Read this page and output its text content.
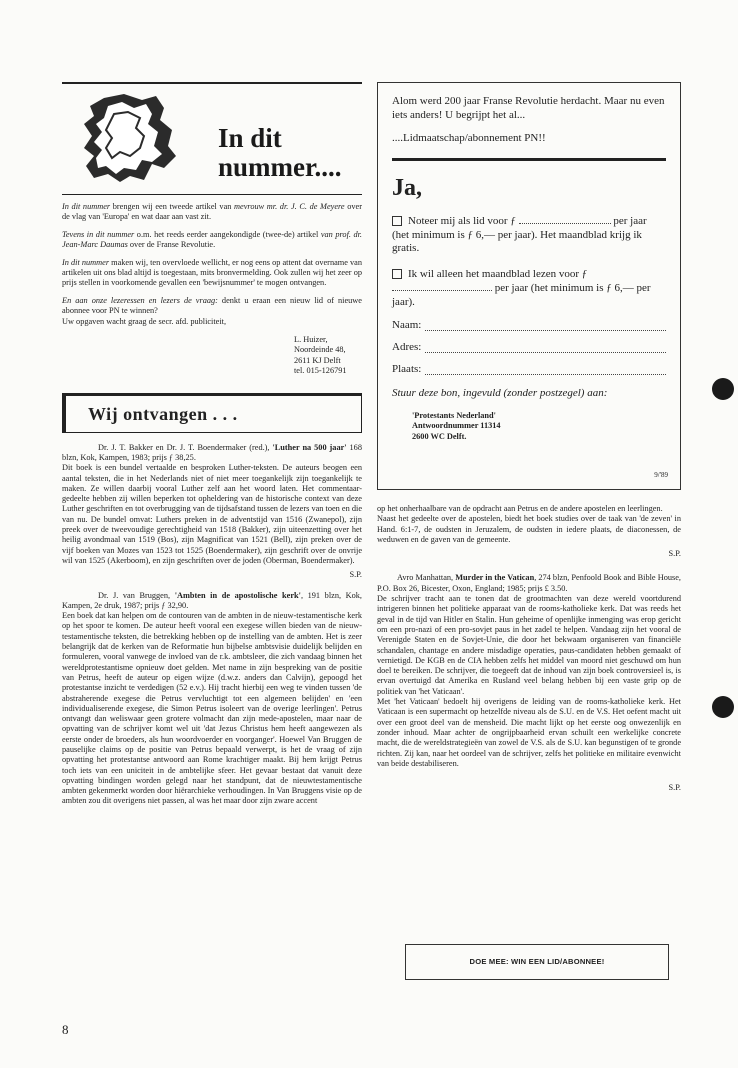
In dit
nummer....

In dit nummer brengen wij een tweede artikel van mevrouw mr. dr. J. C. de Meyere over de vlag van 'Europa' en wat daar aan vast zit.

Tevens in dit nummer o.m. het reeds eerder aangekondigde (twee-de) artikel van prof. dr. Jean-Marc Daumas over de Franse Revolutie.

In dit nummer maken wij, ten overvloede wellicht, er nog eens op attent dat overname van artikelen uit ons blad altijd is toegestaan, mits bronvermelding. Ook zullen wij het zeer op prijs stellen in voorkomende gevallen een 'bewijsnummer' te mogen ontvangen.

En aan onze lezeressen en lezers de vraag: denkt u eraan een nieuw lid of nieuwe abonnee voor PN te winnen?
Uw opgaven wacht graag de secr. afd. publiciteit,

L. Huizer,
Noordeinde 48,
2611 KJ Delft
tel. 015-126791
Wij ontvangen . . .
Dr. J. T. Bakker en Dr. J. T. Boendermaker (red.), 'Luther na 500 jaar' 168 blzn, Kok, Kampen, 1983; prijs ƒ 38,25.
Dit boek is een bundel vertaalde en besproken Luther-teksten. De auteurs beogen een aantal teksten, die in het Nederlands niet of niet meer toegankelijk zijn toegankelijk te maken. Ze willen daarbij vooral Luther zelf aan het woord laten. Het commentaar-gedeelte hebben zij willen beperken tot opheldering van de historische context van deze Luther geschriften en tot overbrugging van de tijdsafstand tussen de lezers van toen en die van nu. De bundel omvat: Luthers preken in de adventstijd van 1516 (Zwanepol), zijn preek over de tweevoudige gerechtigheid van 1518 (Bakker), zijn uiteenzetting over het heilig avondmaal van 1519 (Bos), zijn Magnificat van 1521 (Bell), zijn preken over de vijf boeken van Mozes van 1523 tot 1525 (Boendermaker), zijn geschrift over de onvrije wil van 1525 (Akerboom), en zijn geschriften over de joden (Oberman, Boendermaker).
S.P.
Dr. J. van Bruggen, 'Ambten in de apostolische kerk', 191 blzn, Kok, Kampen, 2e druk, 1987; prijs ƒ 32,90.
Een boek dat kan helpen om de contouren van de ambten in de nieuw-testamentische kerk op het spoor te komen. De auteur heeft vooral een exegese willen bieden van de nieuw-testamentische teksten, die betrekking hebben op de instelling van de ambten. Het is zeer belangrijk dat de kerken van de Reformatie hun bijbelse ambtsvisie duidelijk belijden en formuleren, vooral vanwege de invloed van de r.k. ambtsleer, die zich vandaag binnen het wereldprotestantisme opnieuw doet gelden. Met name in zijn bespreking van de positie van Petrus, heeft de auteur op eigen wijze (d.w.z. anders dan Calvijn), gepoogd het protestantse inzicht te verdedigen (52 e.v.). Hij tracht hierbij een weg te vinden tussen 'de abstraherende exegese die Petrus vervluchtigt tot een algemeen belijden' en 'een individualiserende exegese, die Simon Petrus isoleert van de overige leerlingen'. Petrus ontvangt dan weliswaar geen grotere volmacht dan zijn mede-apostelen, maar naar de opvatting van de schrijver komt wel uit 'dat Jezus Christus hem heeft aangewezen als eerste onder de broeders, als hun woordvoerder en voorganger'. Hoewel Van Bruggen de pauselijke claims op de positie van Petrus bepaald verwerpt, is het de vraag of zijn opvatting het protestantse antwoord aan Rome krachtiger maakt. Bij hem krijgt Petrus toch iets van een uniciteit in de ambtelijke sfeer. Het gevaar bestaat dat vanuit deze opvatting bindingen worden gelegd naar het standpunt, dat de nieuwtestamentische ambten gekenmerkt worden door hiërarchieke verhoudingen. In Van Bruggens visie op de ambten zou dit overigens niet passen, al was het maar door zijn zware accent
8
Alom werd 200 jaar Franse Revolutie herdacht. Maar nu even iets anders! U begrijpt het al...
....Lidmaatschap/abonnement PN!!
Ja,
Noteer mij als lid voor ƒ	per jaar (het minimum is ƒ 6,— per jaar). Het maandblad krijg ik gratis.
Ik wil alleen het maandblad lezen voor ƒ  per jaar (het minimum is ƒ 6,— per jaar).
Naam:
Adres:
Plaats:
Stuur deze bon, ingevuld (zonder postzegel) aan:
'Protestants Nederland'
Antwoordnummer 11314
2600 WC Delft.
9/'89
op het onherhaalbare van de opdracht aan Petrus en de andere apostelen en leerlingen.
Naast het gedeelte over de apostelen, biedt het boek studies over de taak van 'de zeven' in Hand. 6:1-7, de oudsten in Jeruzalem, de oudsten in iedere plaats, de diaconessen, de weduwen en de gaven van de gemeente.
S.P.
Avro Manhattan, Murder in the Vatican, 274 blzn, Penfoold Book and Bible House, P.O. Box 26, Bicester, Oxon, England; 1985; prijs £ 3.50.
De schrijver tracht aan te tonen dat de grootmachten van deze wereld voortdurend intrigeren binnen het politieke apparaat van de rooms-katholieke kerk. Dat was reeds het geval in de tijd van Hitler en Stalin. Hun geheime of openlijke inmenging was erop gericht om een pro-nazi of een pro-sovjet paus in het zadel te helpen. Vandaag zijn het vooral de Verenigde Staten en de Sovjet-Unie, die door het bekwaam organiseren van financiële schandalen, chantage en andere misdadige operaties, paus-candidaten hebben gemaakt of vernietigd. De KGB en de CIA hebben zelfs het middel van moord niet geschuwd om hun doel te bereiken. De schrijver, die toegeeft dat de inhoud van zijn boek controversieel is, is ervan overtuigd dat Amerika en Rusland veel belang hebben bij een vaste grip op de politiek van 'het Vaticaan'.
Met 'het Vaticaan' bedoelt hij overigens de leiding van de rooms-katholieke kerk. Het Vaticaan is een supermacht op hetzelfde niveau als de S.U. en de V.S. Het oefent macht uit over een groot deel van de mensheid. Die macht lijkt op het eerste oog onwezenlijk en zonder inhoud. Maar achter de ongrijpbaarheid ervan schuilt een werkelijke concrete macht, die de wereldstrategieën van zowel de V.S. als de S.U. kan begunstigen of te gronde richten. Zij kan, naar het oordeel van de schrijver, zelfs het politieke en militaire evenwicht van beide destabiliseren.
S.P.
DOE MEE: WIN EEN LID/ABONNEE!
